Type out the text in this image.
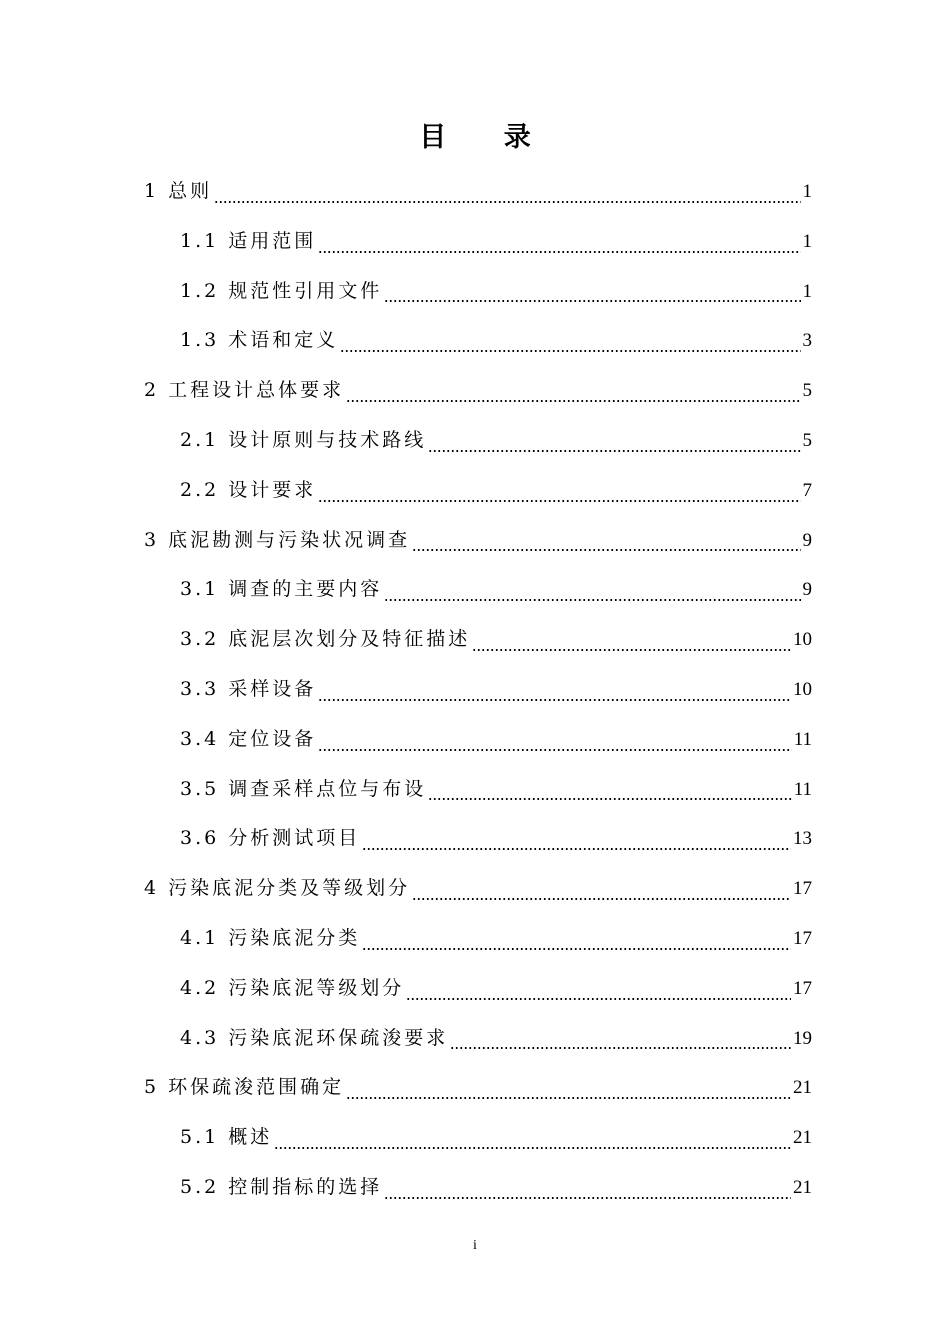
目 录
1 总则	1
1.1 适用范围	1
1.2 规范性引用文件	1
1.3 术语和定义	3
2 工程设计总体要求	5
2.1 设计原则与技术路线	5
2.2 设计要求	7
3 底泥勘测与污染状况调查	9
3.1 调查的主要内容	9
3.2 底泥层次划分及特征描述	10
3.3 采样设备	10
3.4 定位设备	11
3.5 调查采样点位与布设	11
3.6 分析测试项目	13
4 污染底泥分类及等级划分	17
4.1 污染底泥分类	17
4.2 污染底泥等级划分	17
4.3 污染底泥环保疏浚要求	19
5 环保疏浚范围确定	21
5.1 概述	21
5.2 控制指标的选择	21
i
